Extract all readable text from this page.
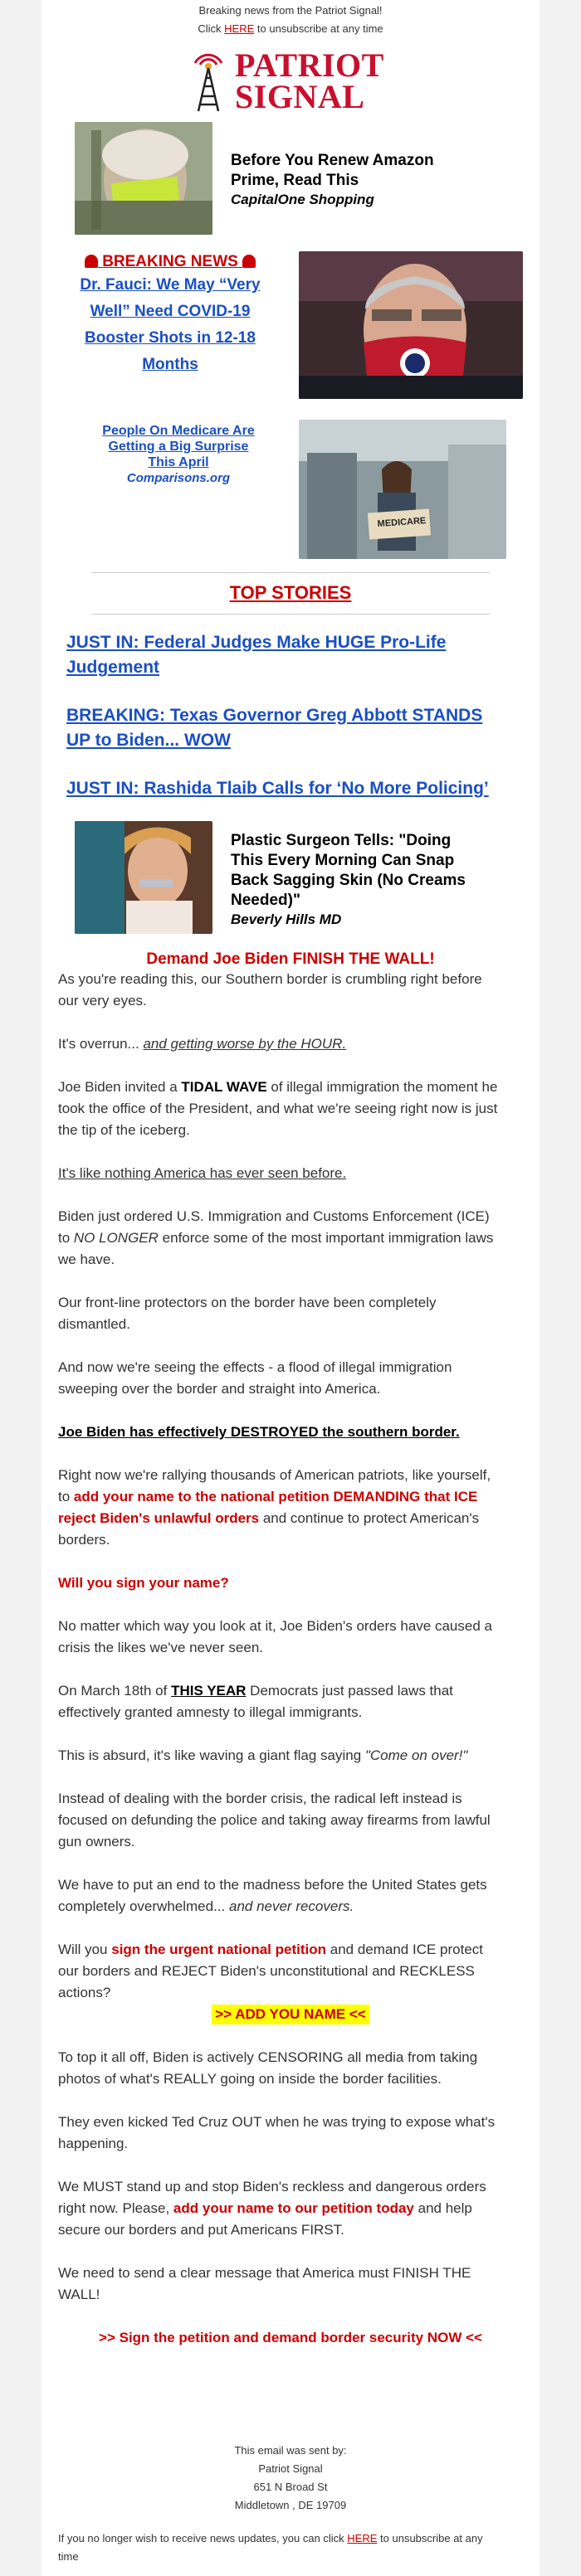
Breaking news from the Patriot Signal!
Click HERE to unsubscribe at any time
PATRIOT
SIGNAL
Before You Renew Amazon
Prime, Read This
CapitalOne Shopping
BREAKING NEWS
Dr. Fauci: We May “Very
Well” Need COVID-19
Booster Shots in 12-18
Months
People On Medicare Are
Getting a Big Surprise
This April
Comparisons.org
MEDICARE
TOP STORIES
JUST IN: Federal Judges Make HUGE Pro-Life
Judgement
BREAKING: Texas Governor Greg Abbott STANDS
UP to Biden... WOW
JUST IN: Rashida Tlaib Calls for ‘No More Policing’
Plastic Surgeon Tells: "Doing
This Every Morning Can Snap
Back Sagging Skin (No Creams
Needed)"
Beverly Hills MD
Demand Joe Biden FINISH THE WALL!
As you're reading this, our Southern border is crumbling right before
our very eyes.
It's overrun... and getting worse by the HOUR.
Joe Biden invited a TIDAL WAVE of illegal immigration the moment he
took the office of the President, and what we're seeing right now is just
the tip of the iceberg.
It's like nothing America has ever seen before.
Biden just ordered U.S. Immigration and Customs Enforcement (ICE)
to NO LONGER enforce some of the most important immigration laws
we have.
Our front-line protectors on the border have been completely
dismantled.
And now we're seeing the effects - a flood of illegal immigration
sweeping over the border and straight into America.
Joe Biden has effectively DESTROYED the southern border.
Right now we're rallying thousands of American patriots, like yourself,
to add your name to the national petition DEMANDING that ICE
reject Biden's unlawful orders and continue to protect American's
borders.
Will you sign your name?
No matter which way you look at it, Joe Biden's orders have caused a
crisis the likes we've never seen.
On March 18th of THIS YEAR Democrats just passed laws that
effectively granted amnesty to illegal immigrants.
This is absurd, it's like waving a giant flag saying "Come on over!"
Instead of dealing with the border crisis, the radical left instead is
focused on defunding the police and taking away firearms from lawful
gun owners.
We have to put an end to the madness before the United States gets
completely overwhelmed... and never recovers.
Will you sign the urgent national petition and demand ICE protect
our borders and REJECT Biden's unconstitutional and RECKLESS
actions?
>> ADD YOU NAME <<
To top it all off, Biden is actively CENSORING all media from taking
photos of what's REALLY going on inside the border facilities.
They even kicked Ted Cruz OUT when he was trying to expose what's
happening.
We MUST stand up and stop Biden's reckless and dangerous orders
right now. Please, add your name to our petition today and help
secure our borders and put Americans FIRST.
We need to send a clear message that America must FINISH THE
WALL!
>> Sign the petition and demand border security NOW <<
This email was sent by:
Patriot Signal
651 N Broad St
Middletown , DE 19709
If you no longer wish to receive news updates, you can click HERE to unsubscribe at any
time
